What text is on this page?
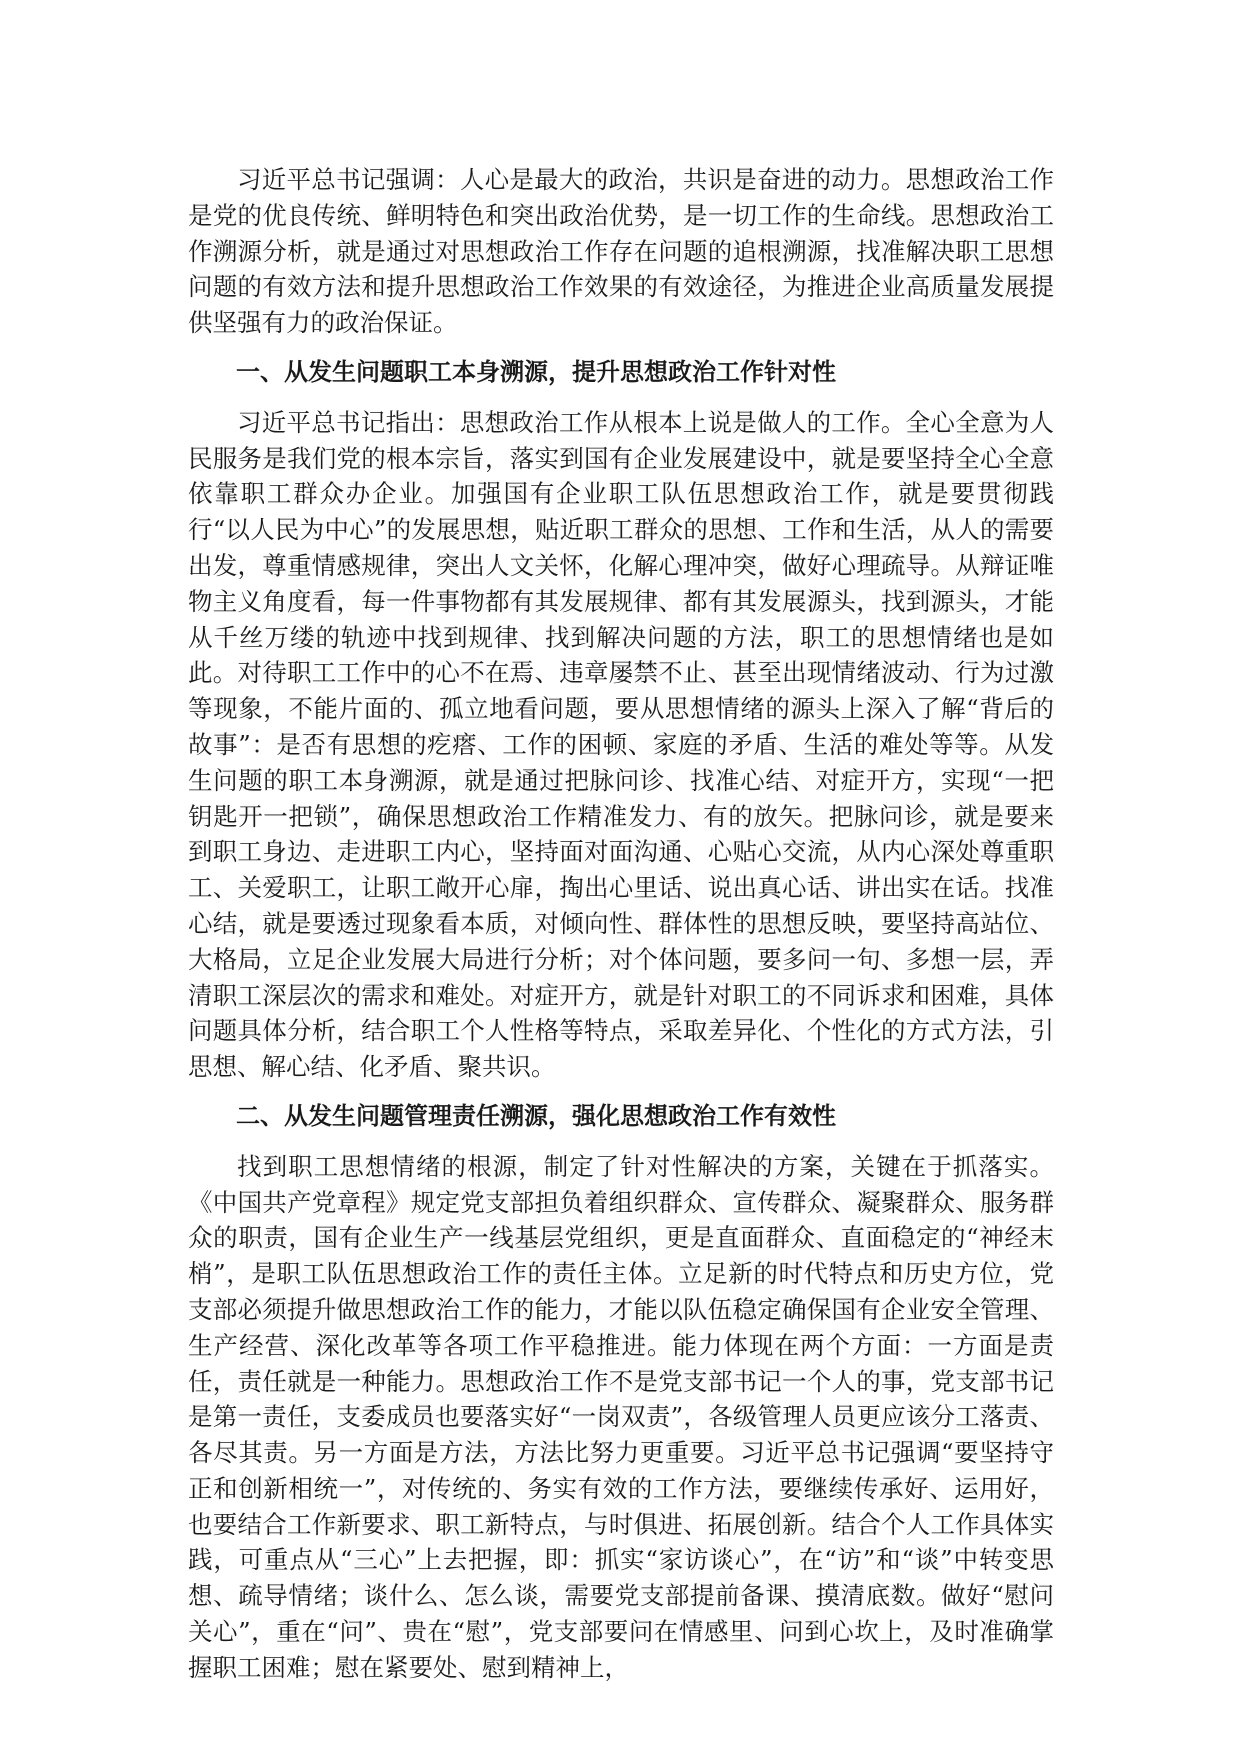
习近平总书记强调：人心是最大的政治，共识是奋进的动力。思想政治工作是党的优良传统、鲜明特色和突出政治优势，是一切工作的生命线。思想政治工作溯源分析，就是通过对思想政治工作存在问题的追根溯源，找准解决职工思想问题的有效方法和提升思想政治工作效果的有效途径，为推进企业高质量发展提供坚强有力的政治保证。

一、从发生问题职工本身溯源，提升思想政治工作针对性

习近平总书记指出：思想政治工作从根本上说是做人的工作。全心全意为人民服务是我们党的根本宗旨，落实到国有企业发展建设中，就是要坚持全心全意依靠职工群众办企业。加强国有企业职工队伍思想政治工作，就是要贯彻践行“以人民为中心”的发展思想，贴近职工群众的思想、工作和生活，从人的需要出发，尊重情感规律，突出人文关怀，化解心理冲突，做好心理疏导。从辩证唯物主义角度看，每一件事物都有其发展规律、都有其发展源头，找到源头，才能从千丝万缕的轨迹中找到规律、找到解决问题的方法，职工的思想情绪也是如此。对待职工工作中的心不在焉、违章屡禁不止、甚至出现情绪波动、行为过激等现象，不能片面的、孤立地看问题，要从思想情绪的源头上深入了解“背后的故事”：是否有思想的疙瘩、工作的困顿、家庭的矛盾、生活的难处等等。从发生问题的职工本身溯源，就是通过把脉问诊、找准心结、对症开方，实现“一把钥匙开一把锁”，确保思想政治工作精准发力、有的放矢。把脉问诊，就是要来到职工身边、走进职工内心，坚持面对面沟通、心贴心交流，从内心深处尊重职工、关爱职工，让职工敞开心扉，掏出心里话、说出真心话、讲出实在话。找准心结，就是要透过现象看本质，对倾向性、群体性的思想反映，要坚持高站位、大格局，立足企业发展大局进行分析；对个体问题，要多问一句、多想一层，弄清职工深层次的需求和难处。对症开方，就是针对职工的不同诉求和困难，具体问题具体分析，结合职工个人性格等特点，采取差异化、个性化的方式方法，引思想、解心结、化矛盾、聚共识。

二、从发生问题管理责任溯源，强化思想政治工作有效性

找到职工思想情绪的根源，制定了针对性解决的方案，关键在于抓落实。《中国共产党章程》规定党支部担负着组织群众、宣传群众、凝聚群众、服务群众的职责，国有企业生产一线基层党组织，更是直面群众、直面稳定的“神经末梢”，是职工队伍思想政治工作的责任主体。立足新的时代特点和历史方位，党支部必须提升做思想政治工作的能力，才能以队伍稳定确保国有企业安全管理、生产经营、深化改革等各项工作平稳推进。能力体现在两个方面：一方面是责任，责任就是一种能力。思想政治工作不是党支部书记一个人的事，党支部书记是第一责任，支委成员也要落实好“一岗双责”，各级管理人员更应该分工落责、各尽其责。另一方面是方法，方法比努力更重要。习近平总书记强调“要坚持守正和创新相统一”，对传统的、务实有效的工作方法，要继续传承好、运用好，也要结合工作新要求、职工新特点，与时俱进、拓展创新。结合个人工作具体实践，可重点从“三心”上去把握，即：抓实“家访谈心”，在“访”和“谈”中转变思想、疏导情绪；谈什么、怎么谈，需要党支部提前备课、摸清底数。做好“慰问关心”，重在“问”、贵在“慰”，党支部要问在情感里、问到心坎上，及时准确掌握职工困难；慰在紧要处、慰到精神上，
